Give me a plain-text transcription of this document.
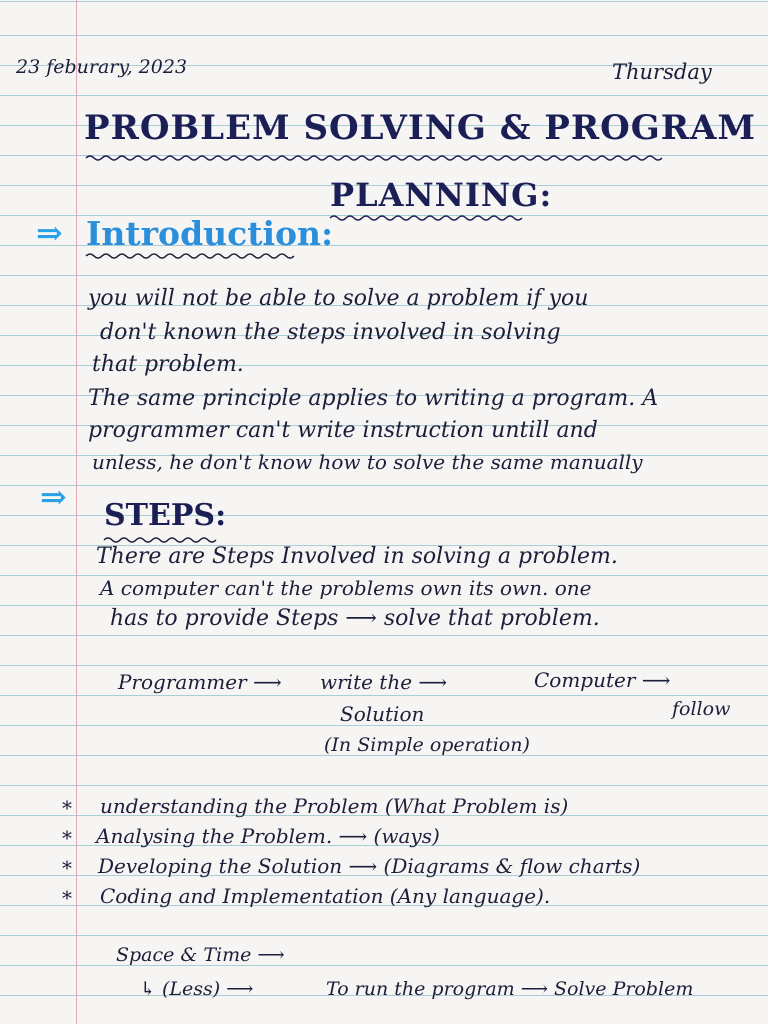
23 feburary, 2023	Thursday
PROBLEM SOLVING & PROGRAM
PLANNING:
⇒ Introduction:
you will not be able to solve a problem if you
don't known the steps involved in solving
that problem.
The same principle applies to writing a program. A
programmer can't write instruction untill and
unless, he don't know how to solve the same manually
⇒ STEPS:
There are Steps Involved in solving a problem.
A computer can't the problems own its own. one
has to provide Steps ⟶ solve that problem.
Programmer ⟶ write the ⟶
Solution
Computer ⟶
follow
(In Simple operation)
* understanding the Problem (What Problem is)
* Analysing the Problem. ⟶ (ways)
* Developing the Solution ⟶ (Diagrams & flow charts)
* Coding and Implementation (Any language).
Space & Time ⟶
↳ (Less) ⟶	To run the program ⟶ Solve Problem
